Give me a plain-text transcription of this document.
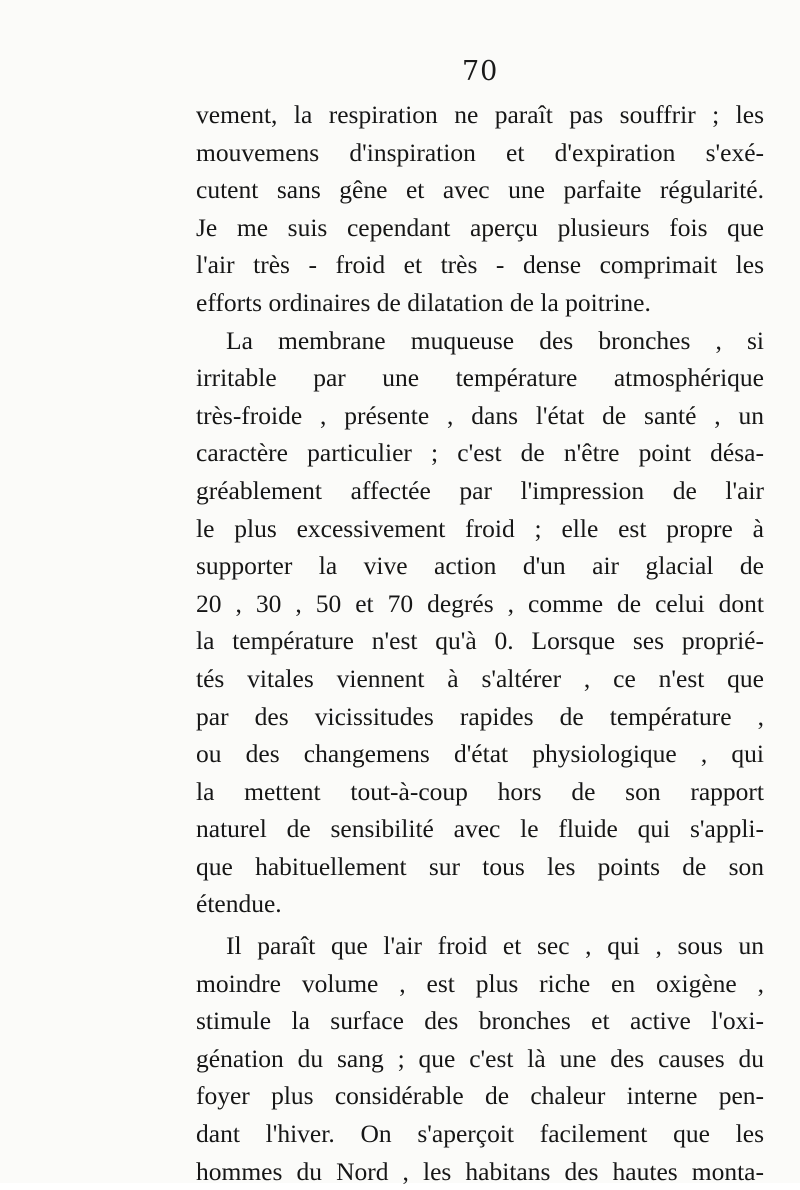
70
vement, la respiration ne paraît pas souffrir ; les
mouvemens d'inspiration et d'expiration s'exé-
cutent sans gêne et avec une parfaite régularité.
Je me suis cependant aperçu plusieurs fois que
l'air très - froid et très - dense comprimait les
efforts ordinaires de dilatation de la poitrine.
La membrane muqueuse des bronches , si
irritable par une température atmosphérique
très-froide , présente , dans l'état de santé , un
caractère particulier ; c'est de n'être point désa-
gréablement affectée par l'impression de l'air
le plus excessivement froid ; elle est propre à
supporter la vive action d'un air glacial de
20 , 30 , 50 et 70 degrés , comme de celui dont
la température n'est qu'à 0. Lorsque ses proprié-
tés vitales viennent à s'altérer , ce n'est que
par des vicissitudes rapides de température ,
ou des changemens d'état physiologique , qui
la mettent tout-à-coup hors de son rapport
naturel de sensibilité avec le fluide qui s'appli-
que habituellement sur tous les points de son
étendue.
Il paraît que l'air froid et sec , qui , sous un
moindre volume , est plus riche en oxigène ,
stimule la surface des bronches et active l'oxi-
génation du sang ; que c'est là une des causes du
foyer plus considérable de chaleur interne pen-
dant l'hiver. On s'aperçoit facilement que les
hommes du Nord , les habitans des hautes monta-
